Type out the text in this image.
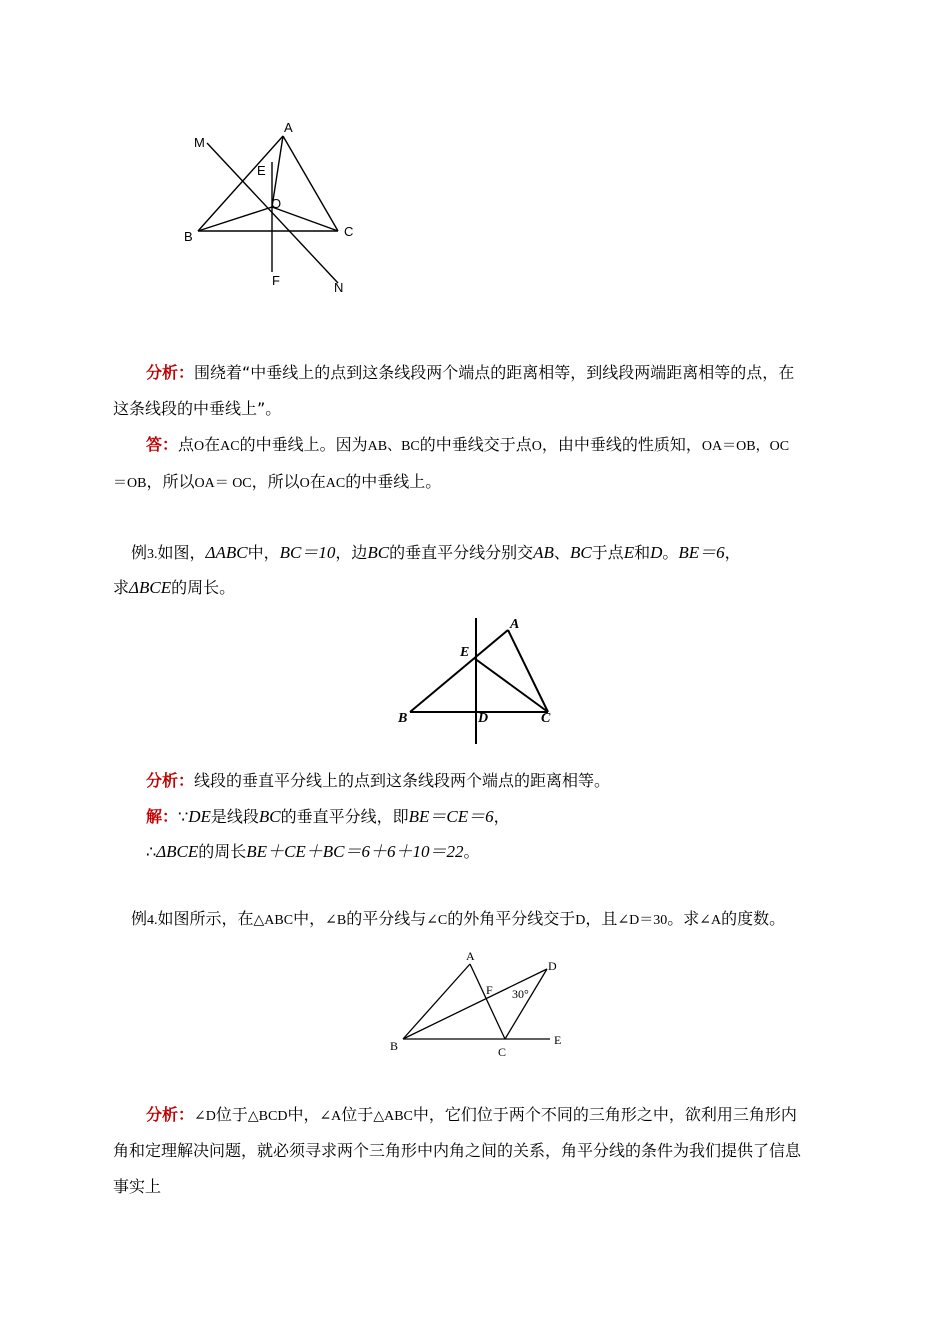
A
M
E
O
B	C
F	N
分析：围绕着“中垂线上的点到这条线段两个端点的距离相等，到线段两端距离相等的点，在
这条线段的中垂线上”。
答：点O在AC的中垂线上。因为AB、BC的中垂线交于点O，由中垂线的性质知，OA＝OB，OC
＝OB，所以OA＝ OC，所以O在AC的中垂线上。
例3.如图，ΔABC中，BC＝10，边BC的垂直平分线分别交AB、BC于点E和D。BE＝6，
求ΔBCE的周长。
A
E
B	D	C
分析：线段的垂直平分线上的点到这条线段两个端点的距离相等。
解：∵DE是线段BC的垂直平分线，即BE＝CE＝6，
∴ΔBCE的周长BE＋CE＋BC＝6＋6＋10＝22。
例4.如图所示，在△ABC中，∠B的平分线与∠C的外角平分线交于D，且∠D＝30。求∠A的度数。
A
D
F 30°
B	C
E
分析：∠D位于△BCD中，∠A位于△ABC中，它们位于两个不同的三角形之中，欲利用三角形内
角和定理解决问题，就必须寻求两个三角形中内角之间的关系，角平分线的条件为我们提供了信息
事实上
